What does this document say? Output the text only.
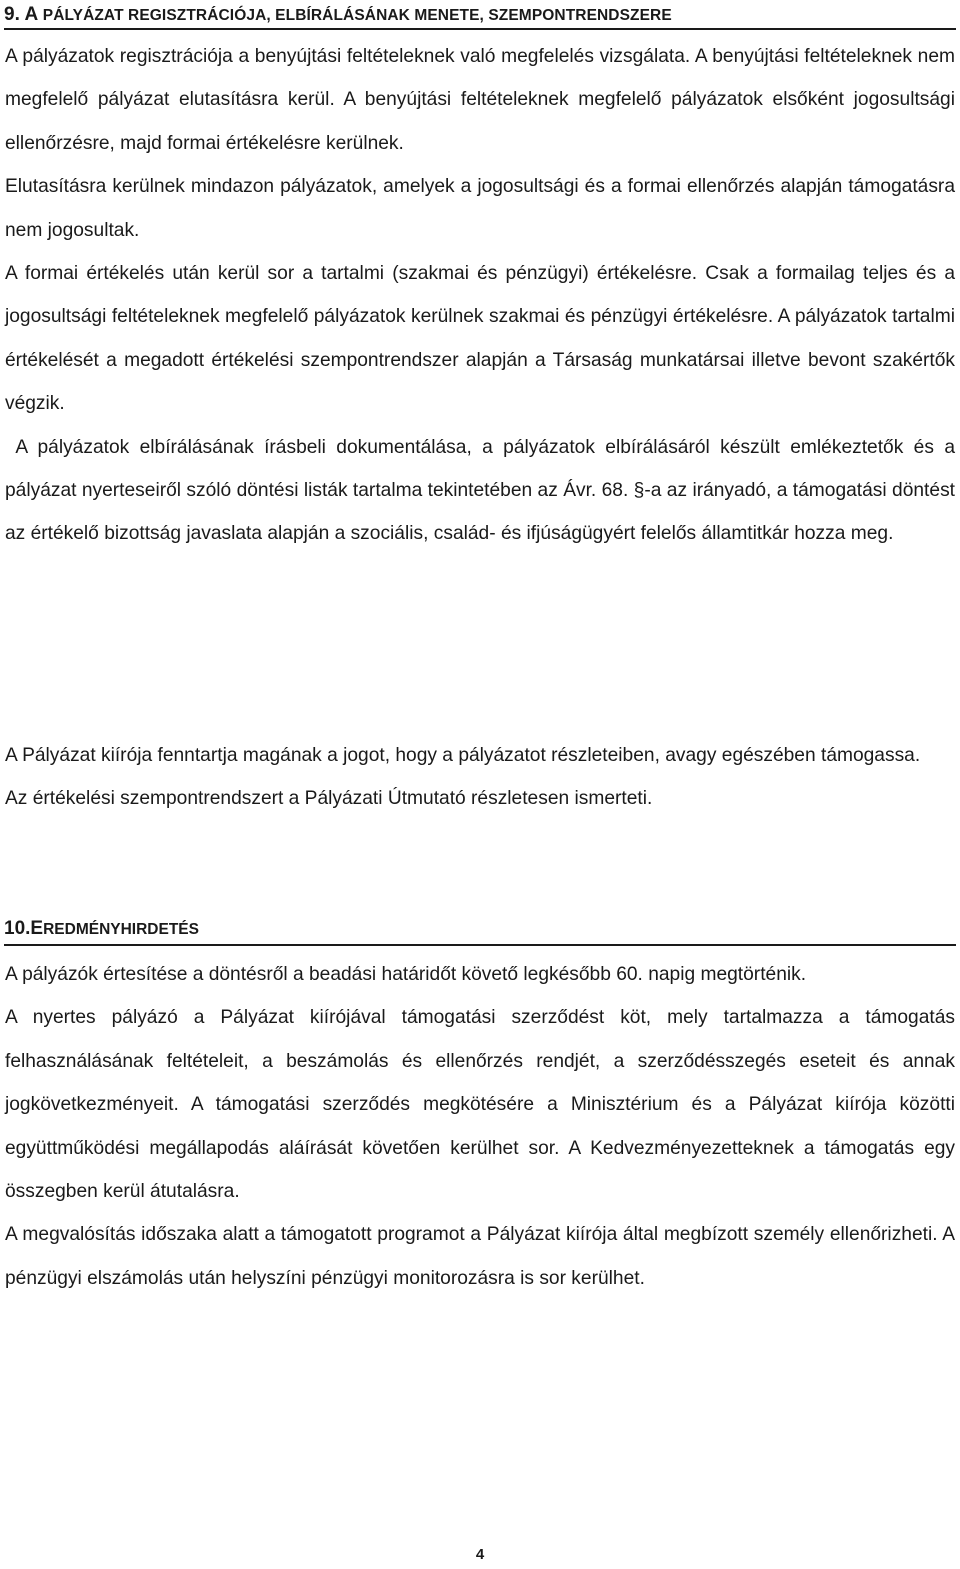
9. A PÁLYÁZAT REGISZTRÁCIÓJA, ELBÍRÁLÁSÁNAK MENETE, SZEMPONTRENDSZERE

A pályázatok regisztrációja a benyújtási feltételeknek való megfelelés vizsgálata. A benyújtási feltételeknek nem megfelelő pályázat elutasításra kerül. A benyújtási feltételeknek megfelelő pályázatok elsőként jogosultsági ellenőrzésre, majd formai értékelésre kerülnek.

Elutasításra kerülnek mindazon pályázatok, amelyek a jogosultsági és a formai ellenőrzés alapján támogatásra nem jogosultak.

A formai értékelés után kerül sor a tartalmi (szakmai és pénzügyi) értékelésre. Csak a formailag teljes és a jogosultsági feltételeknek megfelelő pályázatok kerülnek szakmai és pénzügyi értékelésre. A pályázatok tartalmi értékelését a megadott értékelési szempontrendszer alapján a Társaság munkatársai illetve bevont szakértők végzik.

A pályázatok elbírálásának írásbeli dokumentálása, a pályázatok elbírálásáról készült emlékeztetők és a pályázat nyerteseiről szóló döntési listák tartalma tekintetében az Ávr. 68. §-a az irányadó, a támogatási döntést az értékelő bizottság javaslata alapján a szociális, család- és ifjúságügyért felelős államtitkár hozza meg.

A Pályázat kiírója fenntartja magának a jogot, hogy a pályázatot részleteiben, avagy egészében támogassa.

Az értékelési szempontrendszert a Pályázati Útmutató részletesen ismerteti.

10.EREDMÉNYHIRDETÉS

A pályázók értesítése a döntésről a beadási határidőt követő legkésőbb 60. napig megtörténik.

A nyertes pályázó a Pályázat kiírójával támogatási szerződést köt, mely tartalmazza a támogatás felhasználásának feltételeit, a beszámolás és ellenőrzés rendjét, a szerződésszegés eseteit és annak jogkövetkezményeit. A támogatási szerződés megkötésére a Minisztérium és a Pályázat kiírója közötti együttműködési megállapodás aláírását követően kerülhet sor. A Kedvezményezetteknek a támogatás egy összegben kerül átutalásra.

A megvalósítás időszaka alatt a támogatott programot a Pályázat kiírója által megbízott személy ellenőrizheti. A pénzügyi elszámolás után helyszíni pénzügyi monitorozásra is sor kerülhet.

4
